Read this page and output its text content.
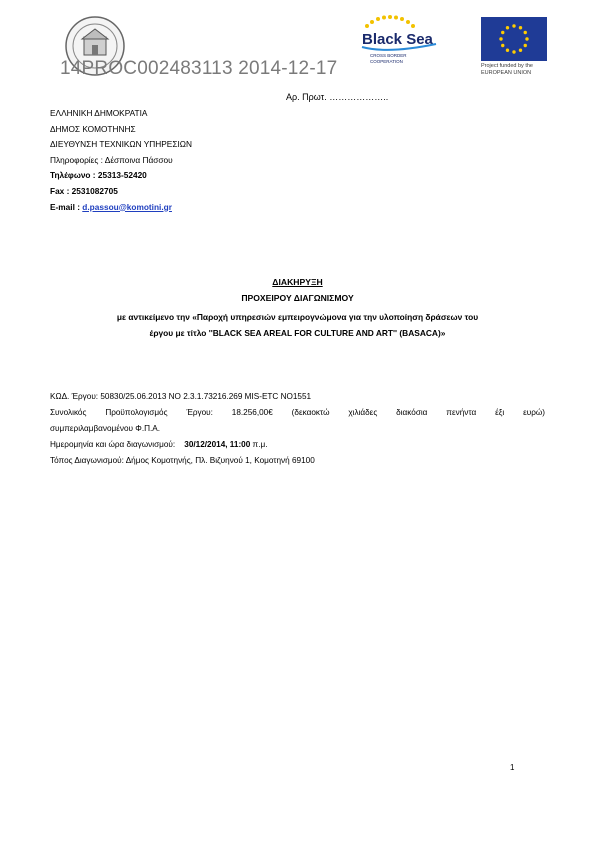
Black Sea
CROSS BORDER
COOPERATION
Project funded by the
EUROPEAN UNION
14PROC002483113 2014-12-17
Αρ. Πρωτ. ………………..
ΕΛΛΗΝΙΚΗ ΔΗΜΟΚΡΑΤΙΑ
ΔΗΜΟΣ ΚΟΜΟΤΗΝΗΣ
ΔΙΕΥΘΥΝΣΗ ΤΕΧΝΙΚΩΝ ΥΠΗΡΕΣΙΩΝ
Πληροφορίες : Δέσποινα Πάσσου
Τηλέφωνο : 25313-52420
Fax : 2531082705
E-mail : d.passou@komotini.gr
ΔΙΑΚΗΡΥΞΗ
ΠΡΟΧΕΙΡΟΥ ΔΙΑΓΩΝΙΣΜΟΥ
με αντικείμενο την «Παροχή υπηρεσιών εμπειρογνώμονα για την υλοποίηση δράσεων του
έργου με τίτλο ''BLACK SEA AREAL FOR CULTURE AND ART'' (BASACA)»
ΚΩΔ. Έργου: 50830/25.06.2013 ΝΟ 2.3.1.73216.269 MIS-ETC NO1551
Συνολικός Προϋπολογισμός Έργου: 18.256,00€ (δεκαοκτώ χιλιάδες διακόσια πενήντα έξι ευρώ)
συμπεριλαμβανομένου Φ.Π.Α.
Ημερομηνία και ώρα διαγωνισμού: 30/12/2014, 11:00 π.μ.
Τόπος Διαγωνισμού: Δήμος Κομοτηνής, Πλ. Βιζυηνού 1, Κομοτηνή 69100
1
